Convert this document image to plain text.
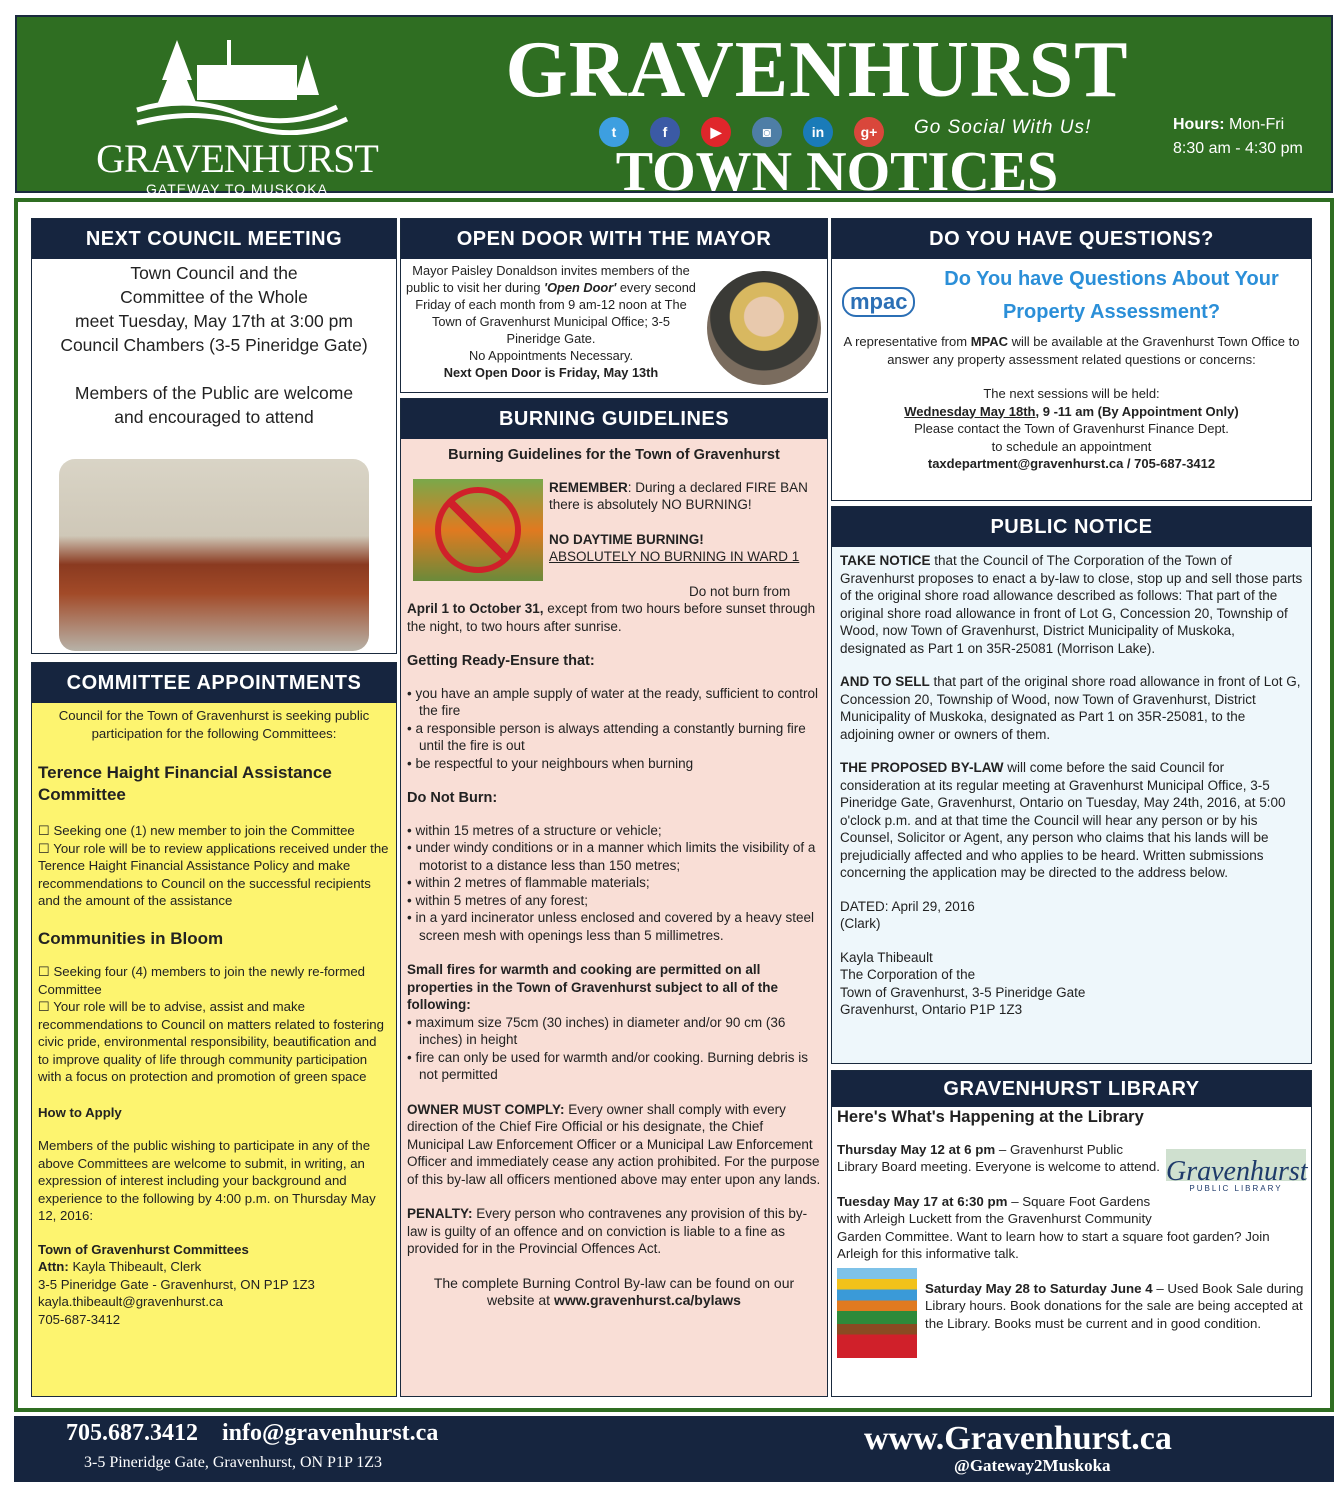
GRAVENHURST
GATEWAY TO MUSKOKA
GRAVENHURST
t	f	▶	◙	in	g+	Go Social With Us!
TOWN NOTICES
Hours: Mon-Fri
8:30 am - 4:30 pm
NEXT COUNCIL MEETING
Town Council and the
Committee of the Whole
meet Tuesday, May 17th at 3:00 pm
Council Chambers (3-5 Pineridge Gate)
Members of the Public are welcome
and encouraged to attend
COMMITTEE APPOINTMENTS
Council for the Town of Gravenhurst is seeking public participation for the following Committees:
Terence Haight Financial Assistance Committee
☐ Seeking one (1) new member to join the Committee
☐ Your role will be to review applications received under the Terence Haight Financial Assistance Policy and make recommendations to Council on the successful recipients and the amount of the assistance
Communities in Bloom
☐ Seeking four (4) members to join the newly re-formed Committee
☐ Your role will be to advise, assist and make recommendations to Council on matters related to fostering civic pride, environmental responsibility, beautification and to improve quality of life through community participation with a focus on protection and promotion of green space
How to Apply
Members of the public wishing to participate in any of the above Committees are welcome to submit, in writing, an expression of interest including your background and experience to the following by 4:00 p.m. on Thursday May 12, 2016:
Town of Gravenhurst Committees
Attn: Kayla Thibeault, Clerk
3-5 Pineridge Gate - Gravenhurst, ON P1P 1Z3
kayla.thibeault@gravenhurst.ca
705-687-3412
OPEN DOOR WITH THE MAYOR
Mayor Paisley Donaldson invites members of the public to visit her during 'Open Door' every second Friday of each month from 9 am-12 noon at The Town of Gravenhurst Municipal Office; 3-5 Pineridge Gate.
No Appointments Necessary.
Next Open Door is Friday, May 13th
BURNING GUIDELINES
Burning Guidelines for the Town of Gravenhurst
REMEMBER: During a declared FIRE BAN there is absolutely NO BURNING!
NO DAYTIME BURNING!
ABSOLUTELY NO BURNING IN WARD 1
Do not burn from April 1 to October 31, except from two hours before sunset through the night, to two hours after sunrise.
Getting Ready-Ensure that:
• you have an ample supply of water at the ready, sufficient to control the fire
• a responsible person is always attending a constantly burning fire until the fire is out
• be respectful to your neighbours when burning
Do Not Burn:
• within 15 metres of a structure or vehicle;
• under windy conditions or in a manner which limits the visibility of a motorist to a distance less than 150 metres;
• within 2 metres of flammable materials;
• within 5 metres of any forest;
• in a yard incinerator unless enclosed and covered by a heavy steel screen mesh with openings less than 5 millimetres.
Small fires for warmth and cooking are permitted on all properties in the Town of Gravenhurst subject to all of the following:
• maximum size 75cm (30 inches) in diameter and/or 90 cm (36 inches) in height
• fire can only be used for warmth and/or cooking. Burning debris is not permitted
OWNER MUST COMPLY: Every owner shall comply with every direction of the Chief Fire Official or his designate, the Chief Municipal Law Enforcement Officer or a Municipal Law Enforcement Officer and immediately cease any action prohibited. For the purpose of this by-law all officers mentioned above may enter upon any lands.
PENALTY: Every person who contravenes any provision of this by-law is guilty of an offence and on conviction is liable to a fine as provided for in the Provincial Offences Act.
The complete Burning Control By-law can be found on our
website at www.gravenhurst.ca/bylaws
DO YOU HAVE QUESTIONS?
mpac
Do You have Questions About Your
Property Assessment?
A representative from MPAC will be available at the Gravenhurst Town Office to answer any property assessment related questions or concerns:
The next sessions will be held:
Wednesday May 18th, 9 -11 am (By Appointment Only)
Please contact the Town of Gravenhurst Finance Dept.
to schedule an appointment
taxdepartment@gravenhurst.ca / 705-687-3412
PUBLIC NOTICE
TAKE NOTICE that the Council of The Corporation of the Town of Gravenhurst proposes to enact a by-law to close, stop up and sell those parts of the original shore road allowance described as follows: That part of the original shore road allowance in front of Lot G, Concession 20, Township of Wood, now Town of Gravenhurst, District Municipality of Muskoka, designated as Part 1 on 35R-25081 (Morrison Lake).
AND TO SELL that part of the original shore road allowance in front of Lot G, Concession 20, Township of Wood, now Town of Gravenhurst, District Municipality of Muskoka, designated as Part 1 on 35R-25081, to the adjoining owner or owners of them.
THE PROPOSED BY-LAW will come before the said Council for consideration at its regular meeting at Gravenhurst Municipal Office, 3-5 Pineridge Gate, Gravenhurst, Ontario on Tuesday, May 24th, 2016, at 5:00 o'clock p.m. and at that time the Council will hear any person or by his Counsel, Solicitor or Agent, any person who claims that his lands will be prejudicially affected and who applies to be heard. Written submissions concerning the application may be directed to the address below.
DATED: April 29, 2016
(Clark)
Kayla Thibeault
The Corporation of the
Town of Gravenhurst, 3-5 Pineridge Gate
Gravenhurst, Ontario P1P 1Z3
GRAVENHURST LIBRARY
Here's What's Happening at the Library
Gravenhurst
PUBLIC LIBRARY
Thursday May 12 at 6 pm – Gravenhurst Public Library Board meeting. Everyone is welcome to attend.
Tuesday May 17 at 6:30 pm – Square Foot Gardens with Arleigh Luckett from the Gravenhurst Community Garden Committee. Want to learn how to start a square foot garden? Join Arleigh for this informative talk.
Saturday May 28 to Saturday June 4 – Used Book Sale during Library hours. Book donations for the sale are being accepted at the Library. Books must be current and in good condition.
705.687.3412 info@gravenhurst.ca
3-5 Pineridge Gate, Gravenhurst, ON P1P 1Z3
www.Gravenhurst.ca
@Gateway2Muskoka
